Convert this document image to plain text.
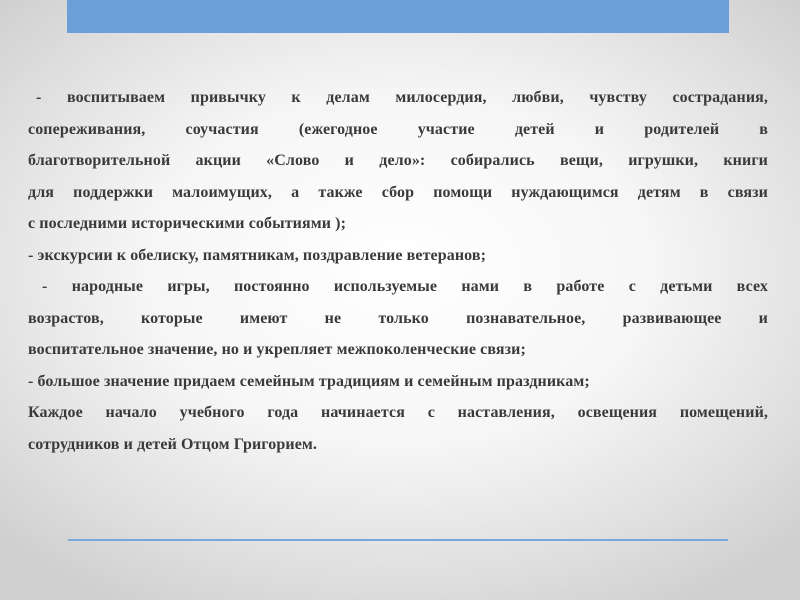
- воспитываем привычку к делам милосердия, любви, чувству сострадания,
сопереживания, соучастия (ежегодное участие детей и родителей в
благотворительной акции «Слово и дело»: собирались вещи, игрушки, книги
для поддержки малоимущих, а также сбор помощи нуждающимся детям в связи
с последними историческими событиями );
- экскурсии к обелиску, памятникам, поздравление ветеранов;
- народные игры, постоянно используемые нами в работе с детьми всех
возрастов, которые имеют не только познавательное, развивающее и
воспитательное значение, но и укрепляет межпоколенческие связи;
- большое значение придаем семейным традициям и семейным праздникам;
Каждое начало учебного года начинается с наставления, освещения помещений,
сотрудников и детей Отцом Григорием.
